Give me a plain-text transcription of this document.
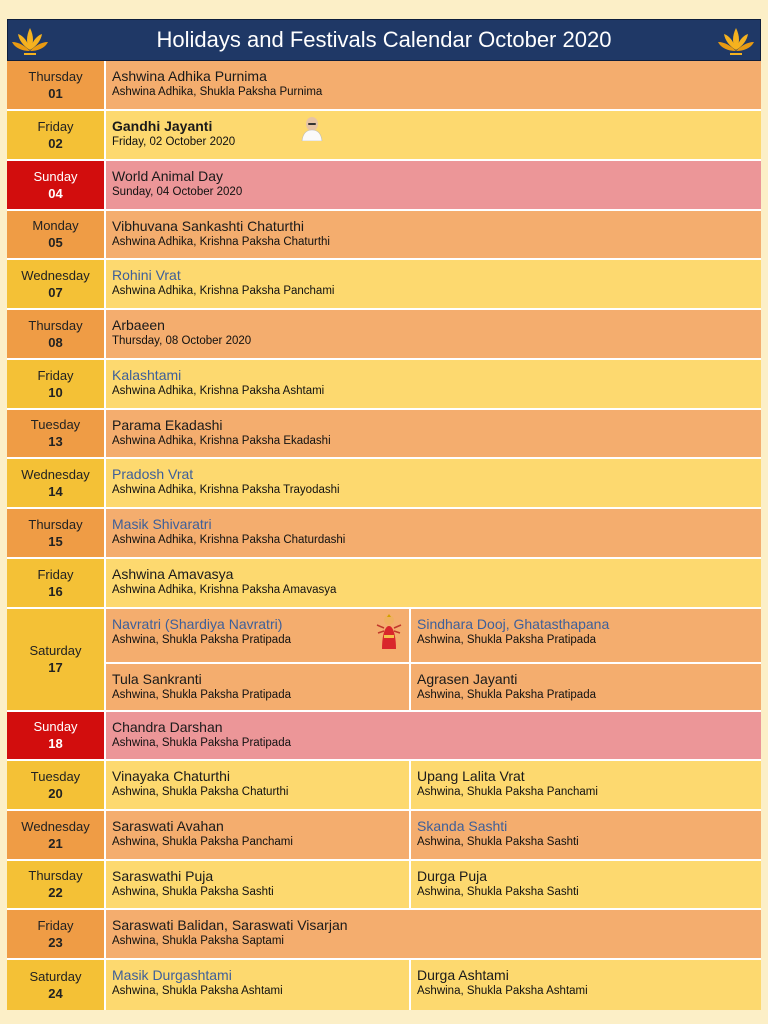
Holidays and Festivals Calendar October 2020
Thursday
01
Ashwina Adhika Purnima
Ashwina Adhika, Shukla Paksha Purnima
Friday
02
Gandhi Jayanti
Friday, 02 October 2020
Sunday
04
World Animal Day
Sunday, 04 October 2020
Monday
05
Vibhuvana Sankashti Chaturthi
Ashwina Adhika, Krishna Paksha Chaturthi
Wednesday
07
Rohini Vrat
Ashwina Adhika, Krishna Paksha Panchami
Thursday
08
Arbaeen
Thursday, 08 October 2020
Friday
10
Kalashtami
Ashwina Adhika, Krishna Paksha Ashtami
Tuesday
13
Parama Ekadashi
Ashwina Adhika, Krishna Paksha Ekadashi
Wednesday
14
Pradosh Vrat
Ashwina Adhika, Krishna Paksha Trayodashi
Thursday
15
Masik Shivaratri
Ashwina Adhika, Krishna Paksha Chaturdashi
Friday
16
Ashwina Amavasya
Ashwina Adhika, Krishna Paksha Amavasya
Saturday
17
Navratri (Shardiya Navratri)
Ashwina, Shukla Paksha Pratipada
Sindhara Dooj, Ghatasthapana
Ashwina, Shukla Paksha Pratipada
Tula Sankranti
Ashwina, Shukla Paksha Pratipada
Agrasen Jayanti
Ashwina, Shukla Paksha Pratipada
Sunday
18
Chandra Darshan
Ashwina, Shukla Paksha Pratipada
Tuesday
20
Vinayaka Chaturthi
Ashwina, Shukla Paksha Chaturthi
Upang Lalita Vrat
Ashwina, Shukla Paksha Panchami
Wednesday
21
Saraswati Avahan
Ashwina, Shukla Paksha Panchami
Skanda Sashti
Ashwina, Shukla Paksha Sashti
Thursday
22
Saraswathi Puja
Ashwina, Shukla Paksha Sashti
Durga Puja
Ashwina, Shukla Paksha Sashti
Friday
23
Saraswati Balidan, Saraswati Visarjan
Ashwina, Shukla Paksha Saptami
Saturday
24
Masik Durgashtami
Ashwina, Shukla Paksha Ashtami
Durga Ashtami
Ashwina, Shukla Paksha Ashtami
